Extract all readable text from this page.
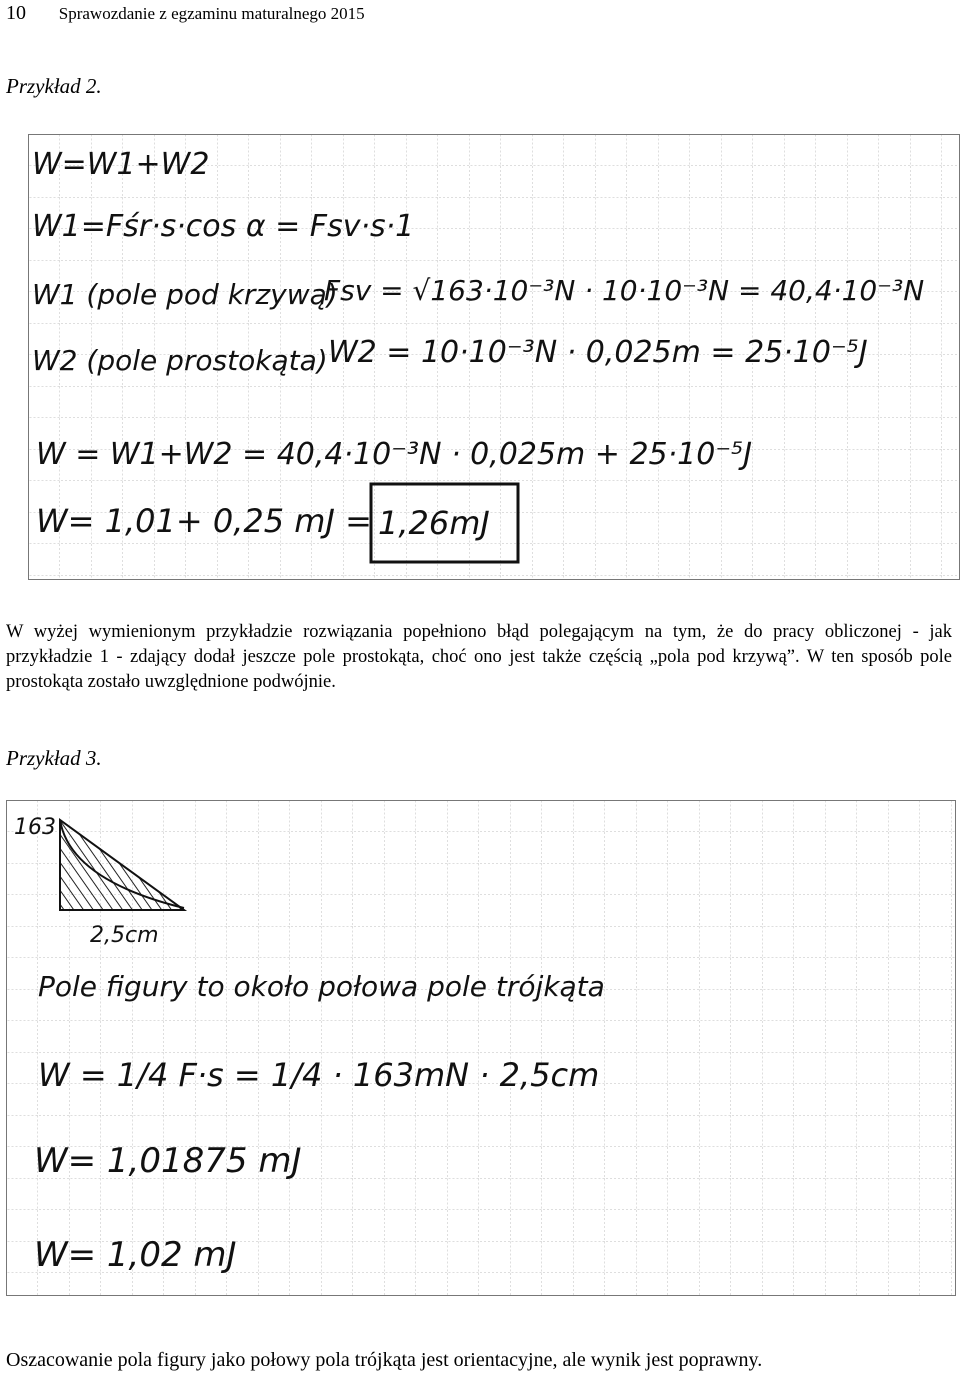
10 Sprawozdanie z egzaminu maturalnego 2015
Przykład 2.
W=W1+W2
W1=Fśr·s·cos α = Fsv·s·1
W1 (pole pod krzywą)
Fsv = √163·10⁻³N · 10·10⁻³N = 40,4·10⁻³N
W2 (pole prostokąta) W2 = 10·10⁻³N · 0,025m = 25·10⁻⁵J
W = W1+W2 = 40,4·10⁻³N · 0,025m + 25·10⁻⁵J
W= 1,01+ 0,25 mJ = 1,26mJ
W wyżej wymienionym przykładzie rozwiązania popełniono błąd polegającym na tym, że do pracy obliczonej - jak przykładzie 1 - zdający dodał jeszcze pole prostokąta, choć ono jest także częścią „pola pod krzywą”. W ten sposób pole prostokąta zostało uwzględnione podwójnie.
Przykład 3.
163
2,5cm
Pole figury to około połowa pole trójkąta
W = 1/4 F·s = 1/4 · 163mN · 2,5cm
W= 1,01875 mJ
W= 1,02 mJ
Oszacowanie pola figury jako połowy pola trójkąta jest orientacyjne, ale wynik jest poprawny.
